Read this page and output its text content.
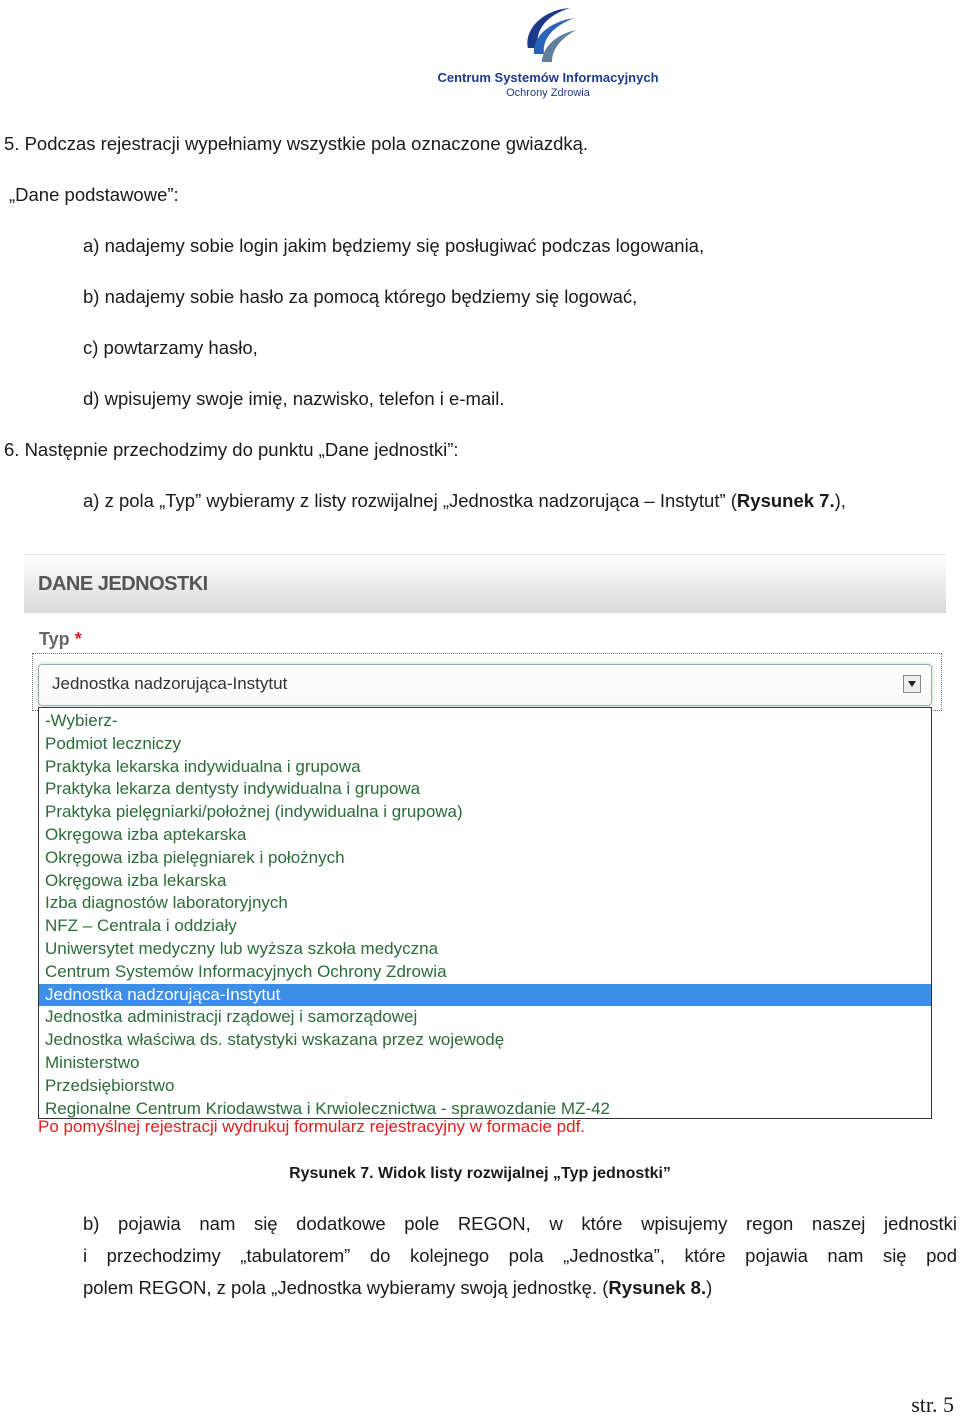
Centrum Systemów Informacyjnych
Ochrony Zdrowia
5. Podczas rejestracji wypełniamy wszystkie pola oznaczone gwiazdką.
„Dane podstawowe”:
a) nadajemy sobie login jakim będziemy się posługiwać podczas logowania,
b) nadajemy sobie hasło za pomocą którego będziemy się logować,
c) powtarzamy hasło,
d) wpisujemy swoje imię, nazwisko, telefon i e-mail.
6. Następnie przechodzimy do punktu „Dane jednostki”:
a) z pola „Typ” wybieramy z listy rozwijalnej „Jednostka nadzorująca – Instytut” (Rysunek 7.),
DANE JEDNOSTKI
Typ *
Jednostka nadzorująca-Instytut
-Wybierz-
Podmiot leczniczy
Praktyka lekarska indywidualna i grupowa
Praktyka lekarza dentysty indywidualna i grupowa
Praktyka pielęgniarki/położnej (indywidualna i grupowa)
Okręgowa izba aptekarska
Okręgowa izba pielęgniarek i położnych
Okręgowa izba lekarska
Izba diagnostów laboratoryjnych
NFZ – Centrala i oddziały
Uniwersytet medyczny lub wyższa szkoła medyczna
Centrum Systemów Informacyjnych Ochrony Zdrowia
Jednostka nadzorująca-Instytut
Jednostka administracji rządowej i samorządowej
Jednostka właściwa ds. statystyki wskazana przez wojewodę
Ministerstwo
Przedsiębiorstwo
Regionalne Centrum Kriodawstwa i Krwiolecznictwa - sprawozdanie MZ-42
Po pomyślnej rejestracji wydrukuj formularz rejestracyjny w formacie pdf.
Rysunek 7. Widok listy rozwijalnej „Typ jednostki”
b) pojawia nam się dodatkowe pole REGON, w które wpisujemy regon naszej jednostki
i przechodzimy „tabulatorem” do kolejnego pola „Jednostka”, które pojawia nam się pod
polem REGON, z pola „Jednostka wybieramy swoją jednostkę. (Rysunek 8.)
str. 5
